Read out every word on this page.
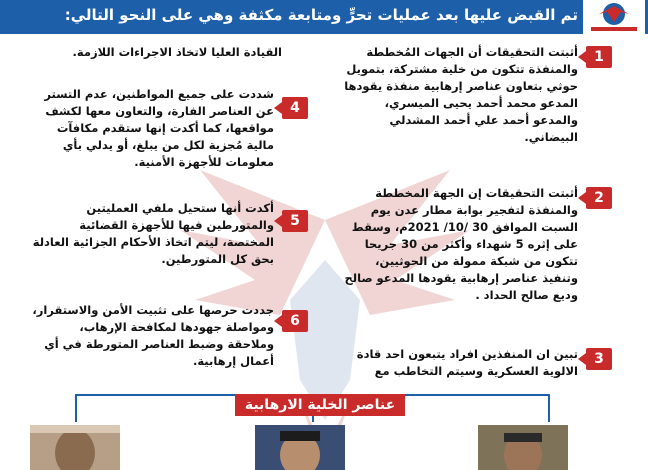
تم القبض عليها بعد عمليات تحرٍّ ومتابعة مكثفة وهي على النحو التالي:
1
أثبتت التحقيقات أن الجهات المُخططة والمنفذة تتكون من خلية مشتركة، بتمويل حوثي بتعاون عناصر إرهابية منفذة يقودها المدعو محمد أحمد يحيى الميسري، والمدعو أحمد علي أحمد المشدلي البيضاني.
2
أثبتت التحقيقات إن الجهة المخططة والمنفذة لتفجير بوابة مطار عدن يوم السبت الموافق 30 /10/ 2021م، وسقط على إثره 5 شهداء وأكثر من 30 جريحا تتكون من شبكة ممولة من الحوثيين، وتنفيذ عناصر إرهابية يقودها المدعو صالح وديع صالح الحداد .
3
تبين ان المنفذين افراد يتبعون احد قادة الالوية العسكرية وسيتم التخاطب مع
القيادة العليا لاتخاذ الاجراءات اللازمة.
4
شددت على جميع المواطنين، عدم التستر عن العناصر الفارة، والتعاون معها لكشف مواقعها، كما أكدت إنها ستقدم مكافآت مالية مُجزية لكل من يبلغ، أو يدلي بأي معلومات للأجهزة الأمنية.
5
أكدت أنها ستحيل ملفي العمليتين والمتورطين فيها للأجهزة القضائية المختصة، ليتم اتخاذ الأحكام الجزائية العادلة بحق كل المتورطين.
6
جددت حرصها على تثبيت الأمن والاستقرار، ومواصلة جهودها لمكافحة الإرهاب، وملاحقة وضبط العناصر المتورطة في أي أعمال إرهابية.
عناصر الخلية الارهابية
